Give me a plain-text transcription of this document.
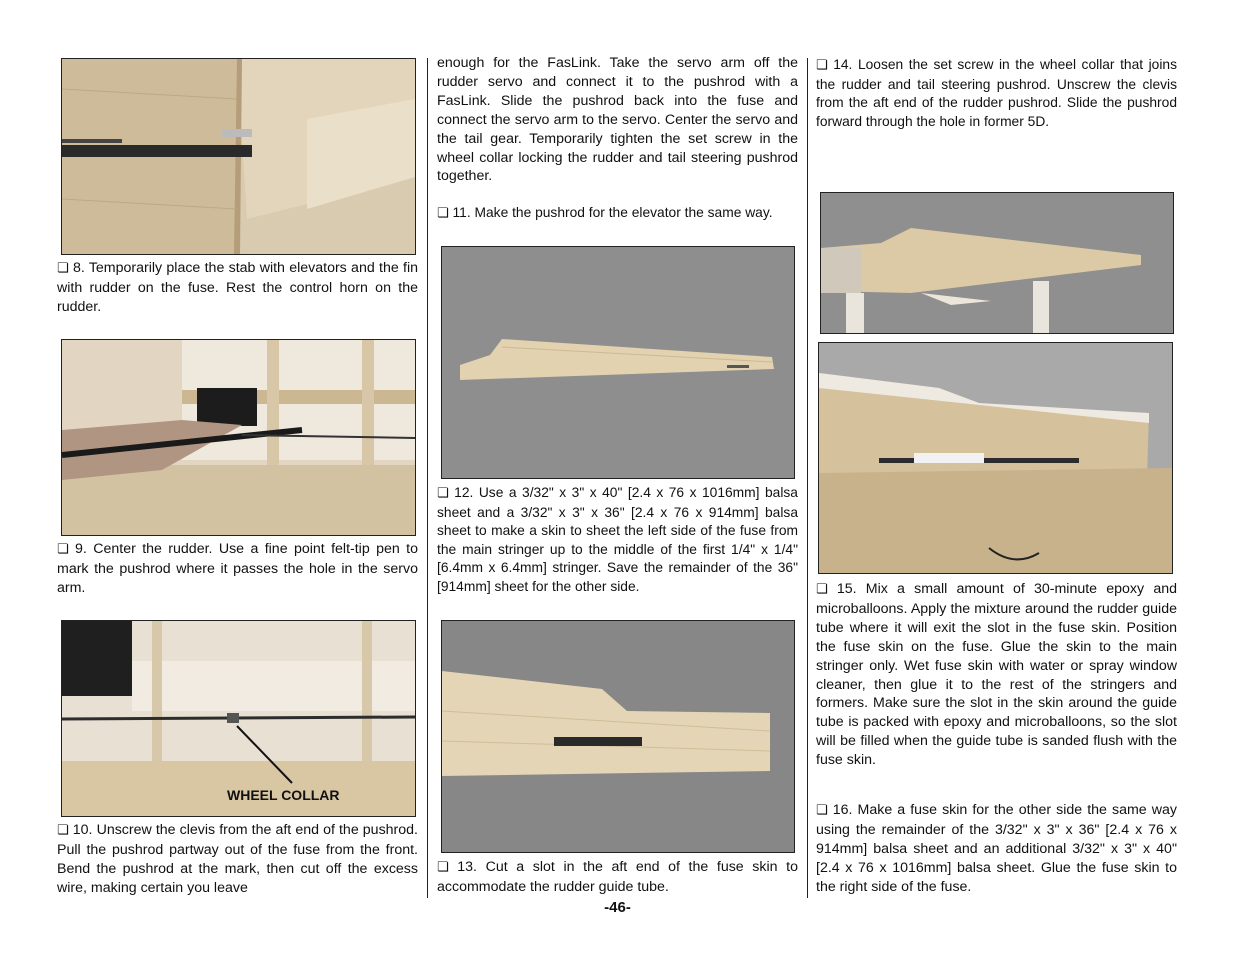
❏ 8. Temporarily place the stab with elevators and the fin with rudder on the fuse. Rest the control horn on the rudder.

❏ 9. Center the rudder. Use a fine point felt-tip pen to mark the pushrod where it passes the hole in the servo arm.

WHEEL COLLAR

❏ 10. Unscrew the clevis from the aft end of the pushrod. Pull the pushrod partway out of the fuse from the front. Bend the pushrod at the mark, then cut off the excess wire, making certain you leave

enough for the FasLink. Take the servo arm off the rudder servo and connect it to the pushrod with a FasLink. Slide the pushrod back into the fuse and connect the servo arm to the servo. Center the servo and the tail gear. Temporarily tighten the set screw in the wheel collar locking the rudder and tail steering pushrod together.

❏ 11. Make the pushrod for the elevator the same way.

❏ 12. Use a 3/32" x 3" x 40" [2.4 x 76 x 1016mm] balsa sheet and a 3/32" x 3" x 36" [2.4 x 76 x 914mm] balsa sheet to make a skin to sheet the left side of the fuse from the main stringer up to the middle of the first 1/4" x 1/4" [6.4mm x 6.4mm] stringer. Save the remainder of the 36" [914mm] sheet for the other side.

❏ 13. Cut a slot in the aft end of the fuse skin to accommodate the rudder guide tube.

❏ 14. Loosen the set screw in the wheel collar that joins the rudder and tail steering pushrod. Unscrew the clevis from the aft end of the rudder pushrod. Slide the pushrod forward through the hole in former 5D.

❏ 15. Mix a small amount of 30-minute epoxy and microballoons. Apply the mixture around the rudder guide tube where it will exit the slot in the fuse skin. Position the fuse skin on the fuse. Glue the skin to the main stringer only. Wet fuse skin with water or spray window cleaner, then glue it to the rest of the stringers and formers. Make sure the slot in the skin around the guide tube is packed with epoxy and microballoons, so the slot will be filled when the guide tube is sanded flush with the fuse skin.

❏ 16. Make a fuse skin for the other side the same way using the remainder of the 3/32" x 3" x 36" [2.4 x 76 x 914mm] balsa sheet and an additional 3/32" x 3" x 40" [2.4 x 76 x 1016mm] balsa sheet. Glue the fuse skin to the right side of the fuse.

-46-
